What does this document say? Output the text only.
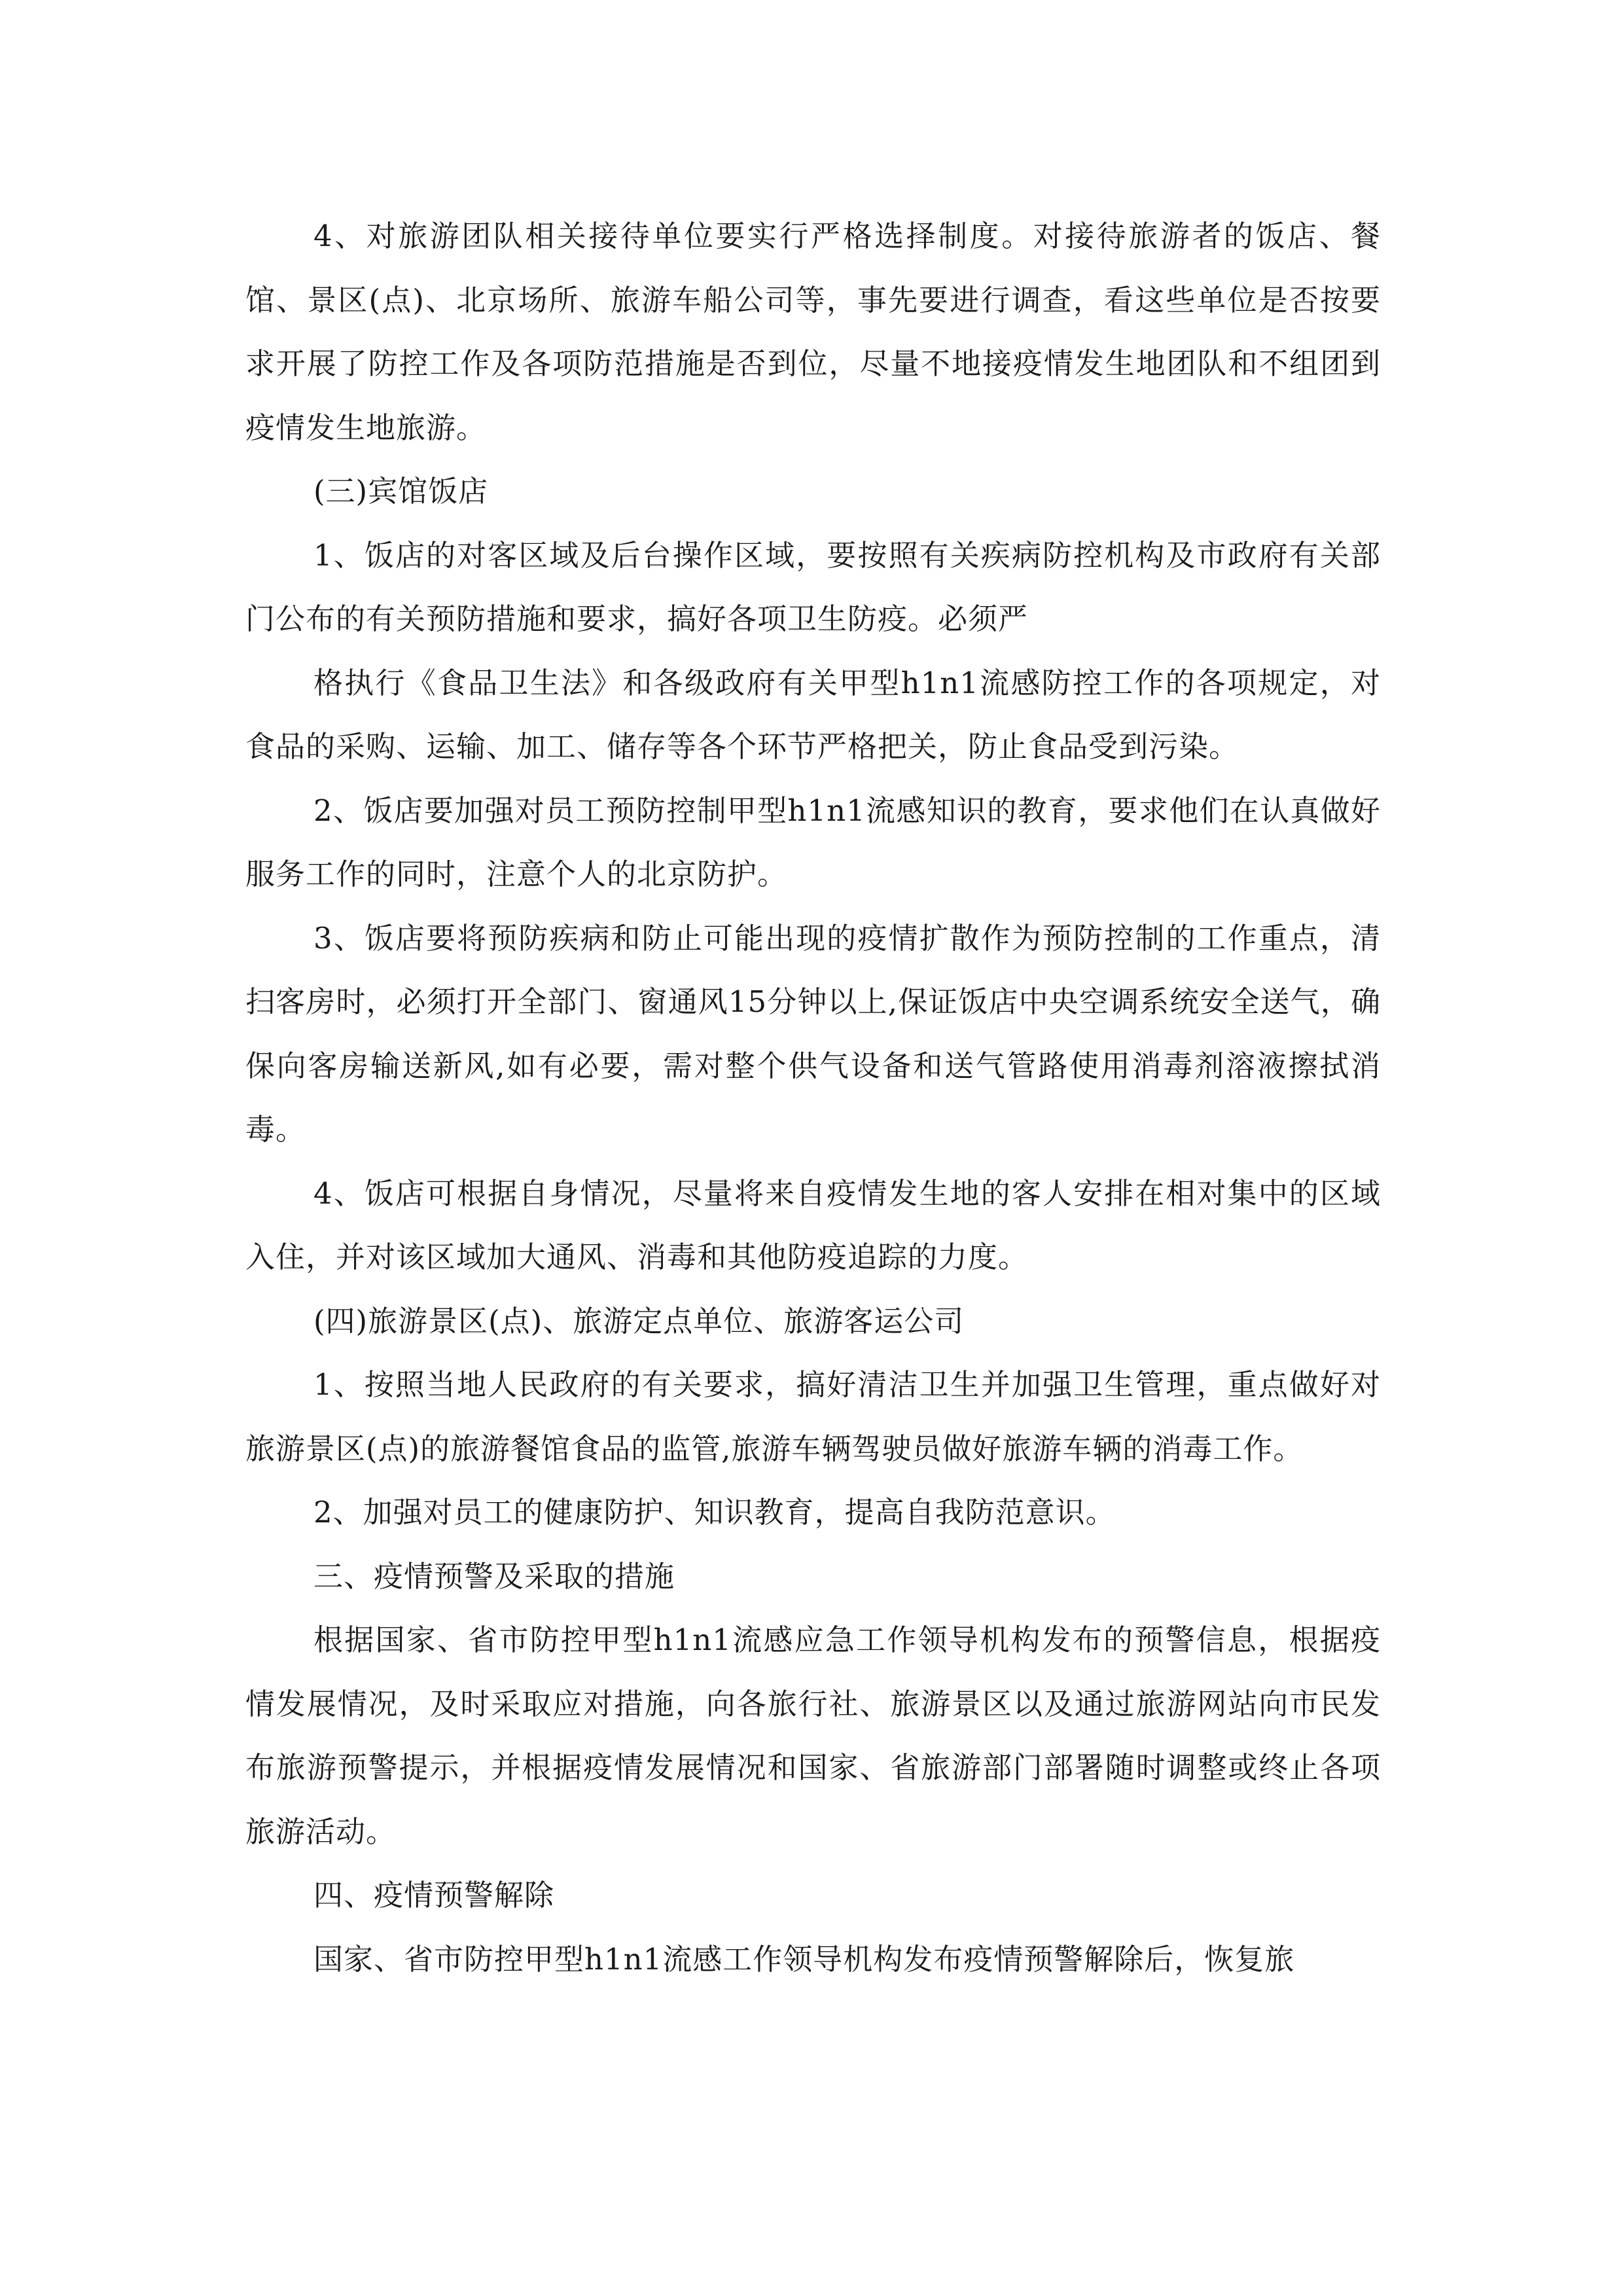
4、对旅游团队相关接待单位要实行严格选择制度。对接待旅游者的饭店、餐馆、景区(点)、北京场所、旅游车船公司等，事先要进行调查，看这些单位是否按要求开展了防控工作及各项防范措施是否到位，尽量不地接疫情发生地团队和不组团到疫情发生地旅游。

(三)宾馆饭店

1、饭店的对客区域及后台操作区域，要按照有关疾病防控机构及市政府有关部门公布的有关预防措施和要求，搞好各项卫生防疫。必须严

格执行《食品卫生法》和各级政府有关甲型h1n1流感防控工作的各项规定，对食品的采购、运输、加工、储存等各个环节严格把关，防止食品受到污染。

2、饭店要加强对员工预防控制甲型h1n1流感知识的教育，要求他们在认真做好服务工作的同时，注意个人的北京防护。

3、饭店要将预防疾病和防止可能出现的疫情扩散作为预防控制的工作重点，清扫客房时，必须打开全部门、窗通风15分钟以上,保证饭店中央空调系统安全送气，确保向客房输送新风,如有必要，需对整个供气设备和送气管路使用消毒剂溶液擦拭消毒。

4、饭店可根据自身情况，尽量将来自疫情发生地的客人安排在相对集中的区域入住，并对该区域加大通风、消毒和其他防疫追踪的力度。

(四)旅游景区(点)、旅游定点单位、旅游客运公司

1、按照当地人民政府的有关要求，搞好清洁卫生并加强卫生管理，重点做好对旅游景区(点)的旅游餐馆食品的监管,旅游车辆驾驶员做好旅游车辆的消毒工作。

2、加强对员工的健康防护、知识教育，提高自我防范意识。

三、疫情预警及采取的措施

根据国家、省市防控甲型h1n1流感应急工作领导机构发布的预警信息，根据疫情发展情况，及时采取应对措施，向各旅行社、旅游景区以及通过旅游网站向市民发布旅游预警提示，并根据疫情发展情况和国家、省旅游部门部署随时调整或终止各项旅游活动。

四、疫情预警解除

国家、省市防控甲型h1n1流感工作领导机构发布疫情预警解除后，恢复旅
